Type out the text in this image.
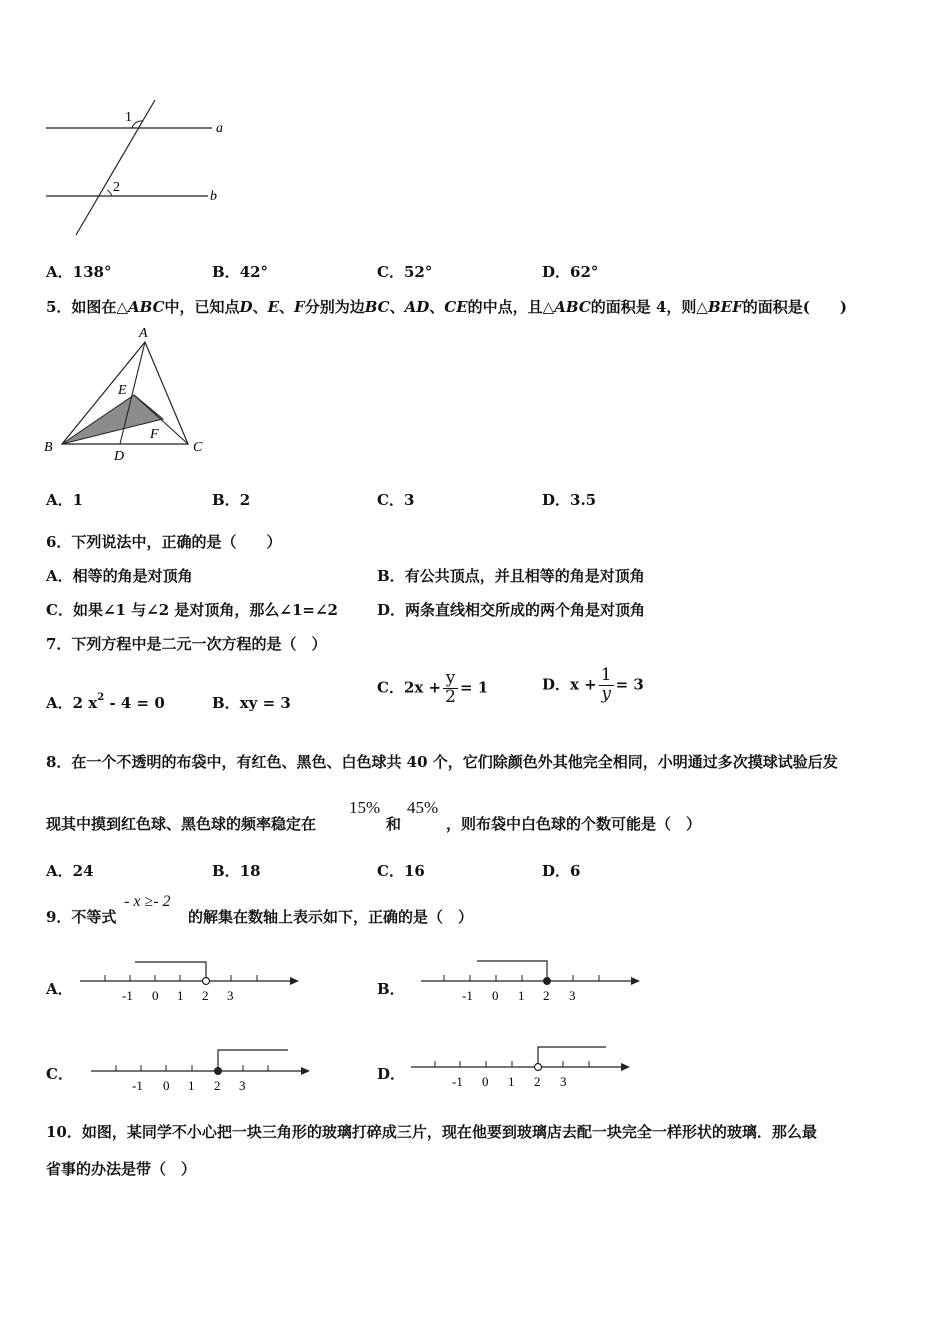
1
2
a
b
A．138°	B．42°	C．52°	D．62°
5．如图在△ABC中，已知点D、E、F分别为边BC、AD、CE的中点，且△ABC的面积是 4，则△BEF的面积是(　　)
A
B	C
D
E
F
A．1	B．2	C．3	D．3.5
6．下列说法中，正确的是（　　）
A．相等的角是对顶角	B．有公共顶点，并且相等的角是对顶角
C．如果∠1 与∠2 是对顶角，那么∠1=∠2	D．两条直线相交所成的两个角是对顶角
7．下列方程中是二元一次方程的是（　）
A．2 $x^2 - 4 = 0$	B．xy = 3
C．$2x + \frac{y}{2} = 1$	D．$x + \frac{1}{y} = 3$
8．在一个不透明的布袋中，有红色、黑色、白色球共 40 个，它们除颜色外其他完全相同，小明通过多次摸球试验后发
现其中摸到红色球、黑色球的频率稳定在
15%
和
45%
，则布袋中白色球的个数可能是（　）
A．24	B．18	C．16	D．6
9．不等式
- x ≥- 2
的解集在数轴上表示如下，正确的是（　）
A．	B．
C．	D．
-1 0 1 2 3	-1 0 1 2 3
-1 0 1 2 3	-1 0 1 2 3
10．如图，某同学不小心把一块三角形的玻璃打碎成三片，现在他要到玻璃店去配一块完全一样形状的玻璃．那么最
省事的办法是带（　）
